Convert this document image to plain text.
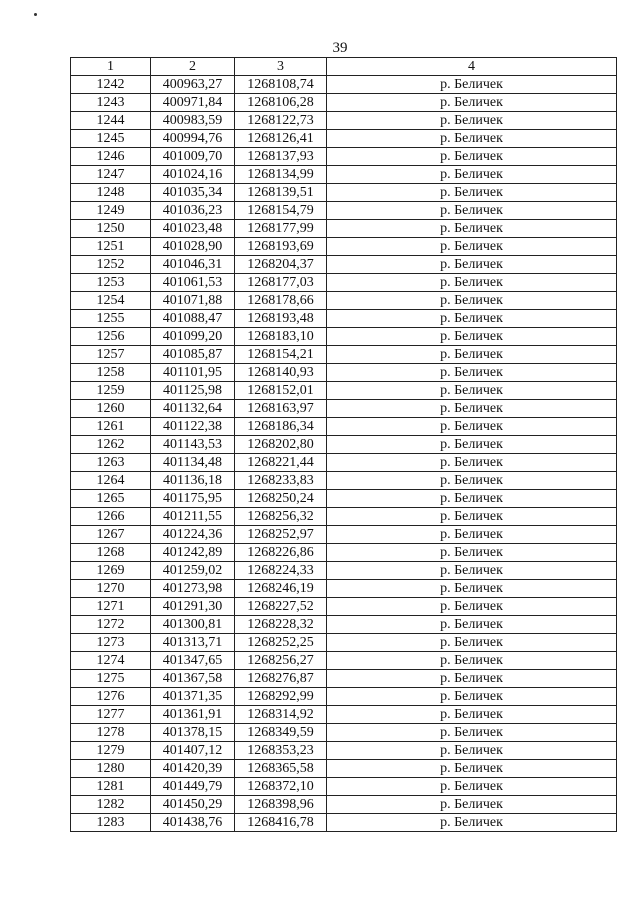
39
1	2	3	4
1242	400963,27	1268108,74	р. Беличек
1243	400971,84	1268106,28	р. Беличек
1244	400983,59	1268122,73	р. Беличек
1245	400994,76	1268126,41	р. Беличек
1246	401009,70	1268137,93	р. Беличек
1247	401024,16	1268134,99	р. Беличек
1248	401035,34	1268139,51	р. Беличек
1249	401036,23	1268154,79	р. Беличек
1250	401023,48	1268177,99	р. Беличек
1251	401028,90	1268193,69	р. Беличек
1252	401046,31	1268204,37	р. Беличек
1253	401061,53	1268177,03	р. Беличек
1254	401071,88	1268178,66	р. Беличек
1255	401088,47	1268193,48	р. Беличек
1256	401099,20	1268183,10	р. Беличек
1257	401085,87	1268154,21	р. Беличек
1258	401101,95	1268140,93	р. Беличек
1259	401125,98	1268152,01	р. Беличек
1260	401132,64	1268163,97	р. Беличек
1261	401122,38	1268186,34	р. Беличек
1262	401143,53	1268202,80	р. Беличек
1263	401134,48	1268221,44	р. Беличек
1264	401136,18	1268233,83	р. Беличек
1265	401175,95	1268250,24	р. Беличек
1266	401211,55	1268256,32	р. Беличек
1267	401224,36	1268252,97	р. Беличек
1268	401242,89	1268226,86	р. Беличек
1269	401259,02	1268224,33	р. Беличек
1270	401273,98	1268246,19	р. Беличек
1271	401291,30	1268227,52	р. Беличек
1272	401300,81	1268228,32	р. Беличек
1273	401313,71	1268252,25	р. Беличек
1274	401347,65	1268256,27	р. Беличек
1275	401367,58	1268276,87	р. Беличек
1276	401371,35	1268292,99	р. Беличек
1277	401361,91	1268314,92	р. Беличек
1278	401378,15	1268349,59	р. Беличек
1279	401407,12	1268353,23	р. Беличек
1280	401420,39	1268365,58	р. Беличек
1281	401449,79	1268372,10	р. Беличек
1282	401450,29	1268398,96	р. Беличек
1283	401438,76	1268416,78	р. Беличек
